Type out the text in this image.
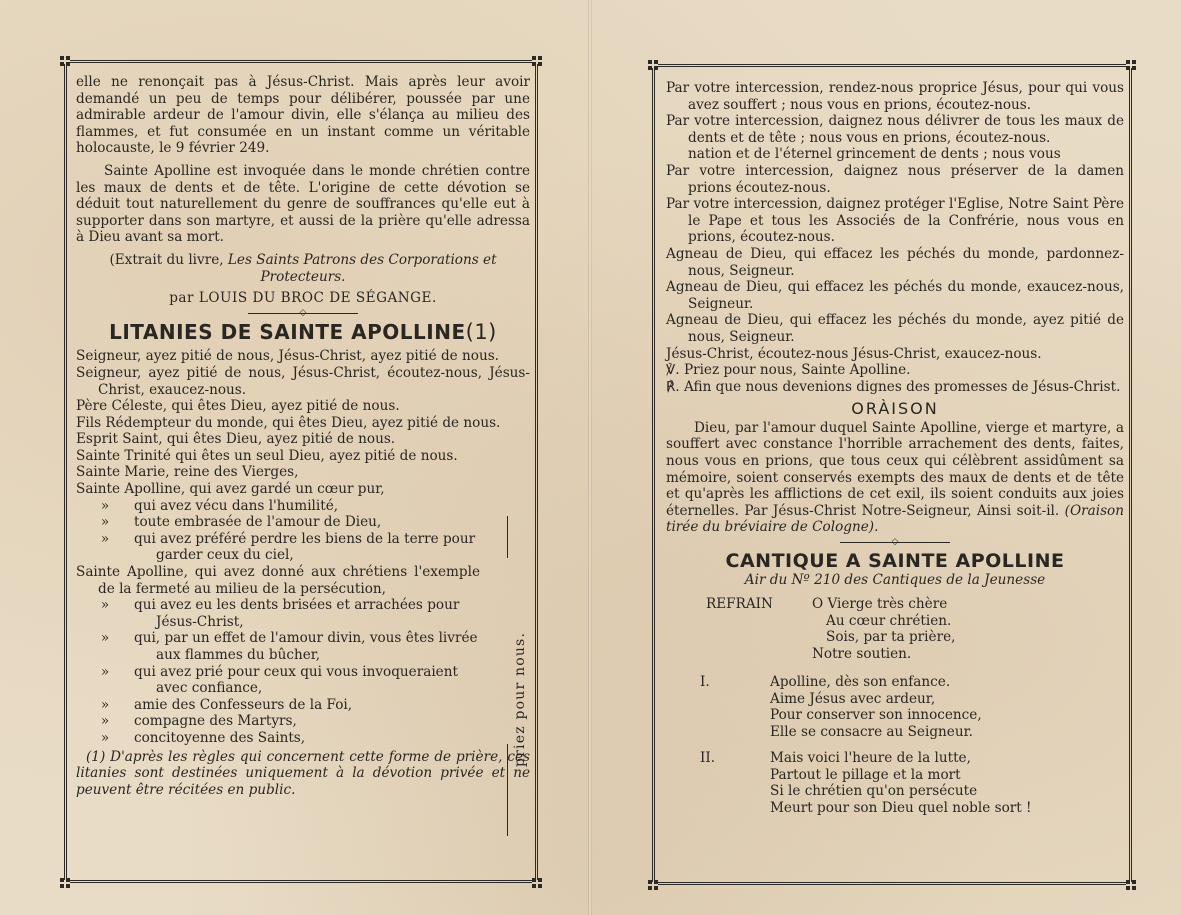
elle ne renonçait pas à Jésus-Christ. Mais après leur avoir demandé un peu de temps pour délibérer, poussée par une admirable ardeur de l'amour divin, elle s'élança au milieu des flammes, et fut consumée en un instant comme un véritable holocauste, le 9 février 249.

Sainte Apolline est invoquée dans le monde chrétien contre les maux de dents et de tête. L'origine de cette dévotion se déduit tout naturellement du genre de souffrances qu'elle eut à supporter dans son martyre, et aussi de la prière qu'elle adressa à Dieu avant sa mort.

(Extrait du livre, Les Saints Patrons des Corporations et Protecteurs.

par LOUIS DU BROC DE SÉGANGE.

◇
LITANIES DE SAINTE APOLLINE(1)

Seigneur, ayez pitié de nous, Jésus-Christ, ayez pitié de nous.

Seigneur, ayez pitié de nous, Jésus-Christ, écoutez-nous, Jésus-Christ, exaucez-nous.

Père Céleste, qui êtes Dieu, ayez pitié de nous.

Fils Rédempteur du monde, qui êtes Dieu, ayez pitié de nous.

Esprit Saint, qui êtes Dieu, ayez pitié de nous.

Sainte Trinité qui êtes un seul Dieu, ayez pitié de nous.

Sainte Marie, reine des Vierges,

Sainte Apolline, qui avez gardé un cœur pur,

»	qui avez vécu dans l'humilité,
»	toute embrasée de l'amour de Dieu,
»	qui avez préféré perdre les biens de la terre pour garder ceux du ciel,

Sainte Apolline, qui avez donné aux chrétiens l'exemple de la fermeté au milieu de la persécution,

»	qui avez eu les dents brisées et arrachées pour Jésus-Christ,
»	qui, par un effet de l'amour divin, vous êtes livrée aux flammes du bûcher,
»	qui avez prié pour ceux qui vous invoqueraient avec confiance,
»	amie des Confesseurs de la Foi,
»	compagne des Martyrs,
»	concitoyenne des Saints,

(1) D'après les règles qui concernent cette forme de prière, ces litanies sont destinées uniquement à la dévotion privée et ne peuvent être récitées en public.

priez pour nous.

Par votre intercession, rendez-nous proprice Jésus, pour qui vous avez souffert ; nous vous en prions, écoutez-nous.

Par votre intercession, daignez nous délivrer de tous les maux de dents et de tête ; nous vous en prions, écoutez-nous.

nation et de l'éternel grincement de dents ; nous vous

Par votre intercession, daignez nous préserver de la damen prions écoutez-nous.

Par votre intercession, daignez protéger l'Eglise, Notre Saint Père le Pape et tous les Associés de la Confrérie, nous vous en prions, écoutez-nous.

Agneau de Dieu, qui effacez les péchés du monde, pardonnez-nous, Seigneur.

Agneau de Dieu, qui effacez les péchés du monde, exaucez-nous, Seigneur.

Agneau de Dieu, qui effacez les péchés du monde, ayez pitié de nous, Seigneur.

Jésus-Christ, écoutez-nous Jésus-Christ, exaucez-nous.

℣. Priez pour nous, Sainte Apolline.

℟. Afin que nous devenions dignes des promesses de Jésus-Christ.

ORÀISON

Dieu, par l'amour duquel Sainte Apolline, vierge et martyre, a souffert avec constance l'horrible arrachement des dents, faites, nous vous en prions, que tous ceux qui célèbrent assidûment sa mémoire, soient conservés exempts des maux de dents et de tête et qu'après les afflictions de cet exil, ils soient conduits aux joies éternelles. Par Jésus-Christ Notre-Seigneur, Ainsi soit-il. (Oraison tirée du bréviaire de Cologne).

◇
CANTIQUE A SAINTE APOLLINE

Air du Nº 210 des Cantiques de la Jeunesse

REFRAIN	O Vierge très chère
Au cœur chrétien.
Sois, par ta prière,
Notre soutien.
I.	Apolline, dès son enfance.
Aime Jésus avec ardeur,
Pour conserver son innocence,
Elle se consacre au Seigneur.
II.	Mais voici l'heure de la lutte,
Partout le pillage et la mort
Si le chrétien qu'on persécute
Meurt pour son Dieu quel noble sort !
